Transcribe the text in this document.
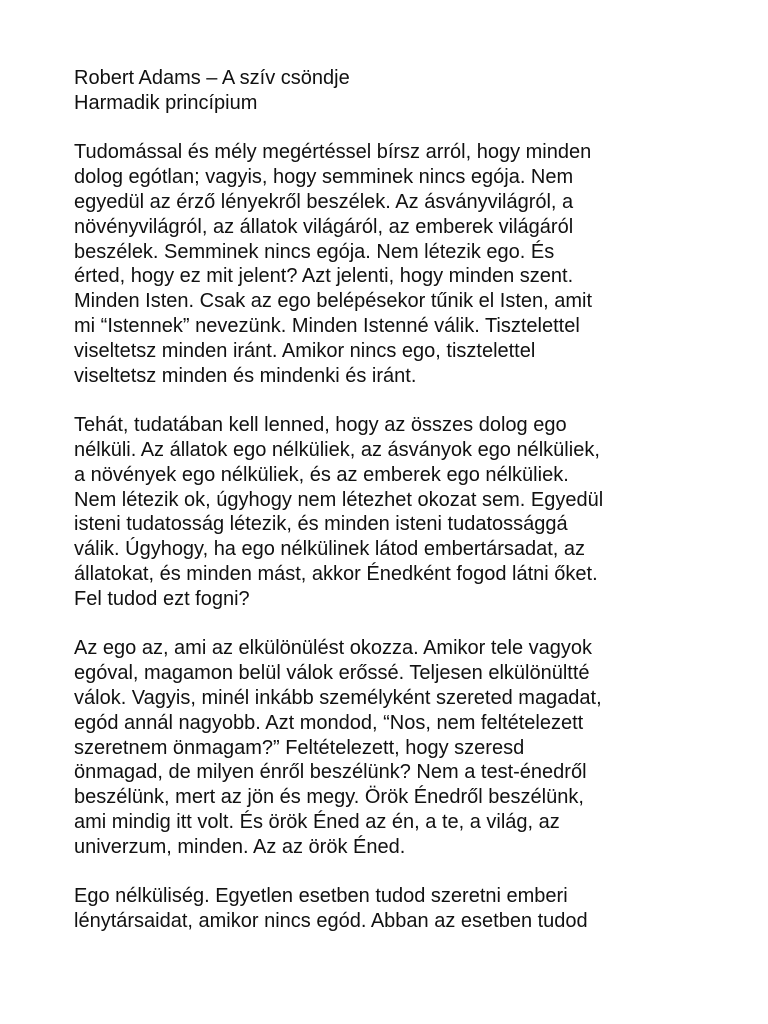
Robert Adams – A szív csöndje
Harmadik princípium
Tudomással és mély megértéssel bírsz arról, hogy minden
dolog egótlan; vagyis, hogy semminek nincs egója. Nem
egyedül az érző lényekről beszélek. Az ásványvilágról, a
növényvilágról, az állatok világáról, az emberek világáról
beszélek. Semminek nincs egója. Nem létezik ego. És
érted, hogy ez mit jelent? Azt jelenti, hogy minden szent.
Minden Isten. Csak az ego belépésekor tűnik el Isten, amit
mi “Istennek” nevezünk. Minden Istenné válik. Tisztelettel
viseltetsz minden iránt. Amikor nincs ego, tisztelettel
viseltetsz minden és mindenki és iránt.
Tehát, tudatában kell lenned, hogy az összes dolog ego
nélküli. Az állatok ego nélküliek, az ásványok ego nélküliek,
a növények ego nélküliek, és az emberek ego nélküliek.
Nem létezik ok, úgyhogy nem létezhet okozat sem. Egyedül
isteni tudatosság létezik, és minden isteni tudatossággá
válik. Úgyhogy, ha ego nélkülinek látod embertársadat, az
állatokat, és minden mást, akkor Énedként fogod látni őket.
Fel tudod ezt fogni?
Az ego az, ami az elkülönülést okozza. Amikor tele vagyok
egóval, magamon belül válok erőssé. Teljesen elkülönültté
válok. Vagyis, minél inkább személyként szereted magadat,
egód annál nagyobb. Azt mondod, “Nos, nem feltételezett
szeretnem önmagam?” Feltételezett, hogy szeresd
önmagad, de milyen énről beszélünk? Nem a test-énedről
beszélünk, mert az jön és megy. Örök Énedről beszélünk,
ami mindig itt volt. És örök Éned az én, a te, a világ, az
univerzum, minden. Az az örök Éned.
Ego nélküliség. Egyetlen esetben tudod szeretni emberi
lénytársaidat, amikor nincs egód. Abban az esetben tudod
